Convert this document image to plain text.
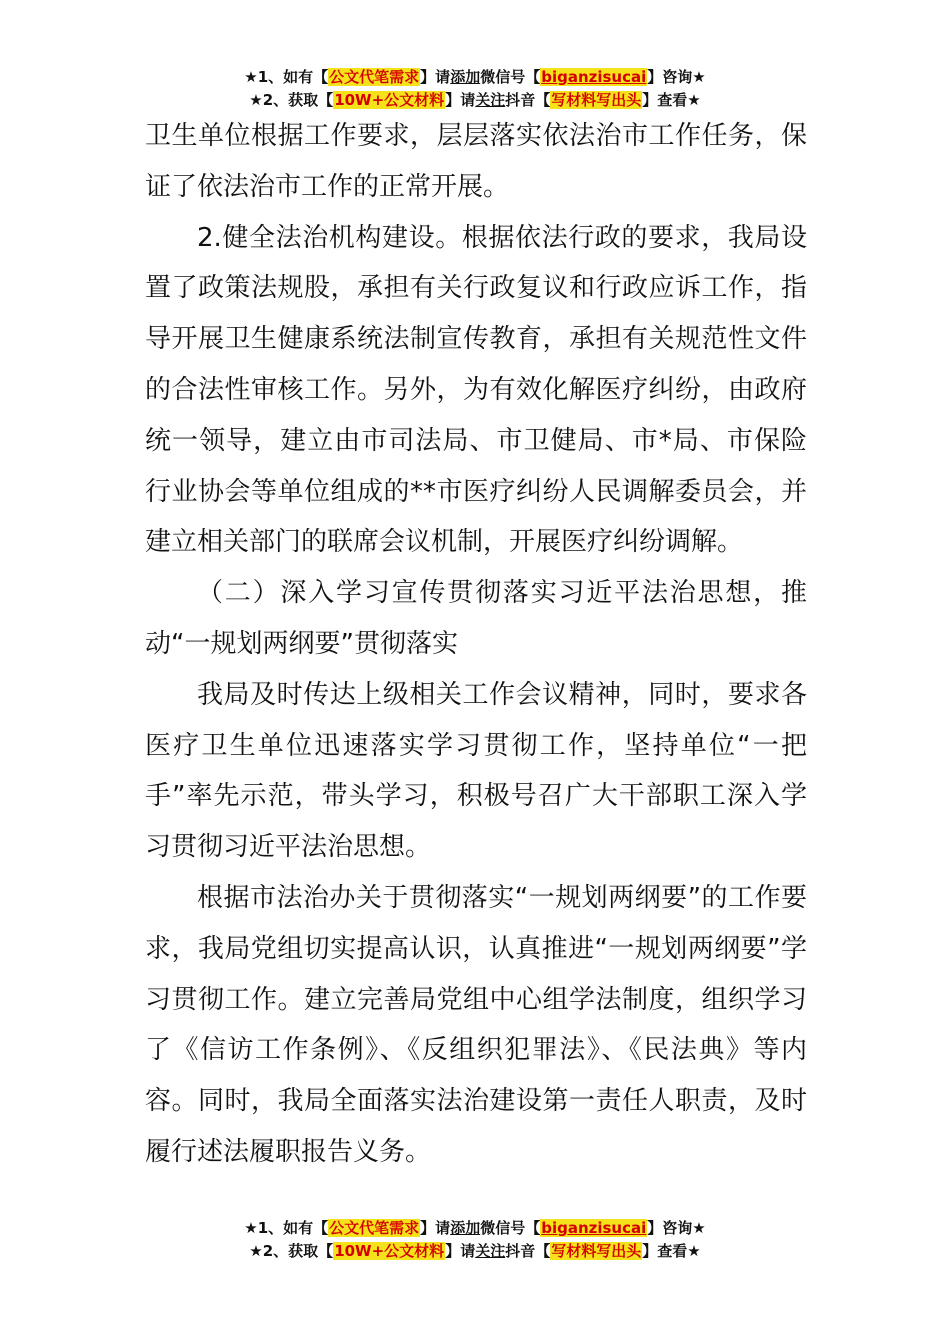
★1、如有【公文代笔需求】请添加微信号【biganzisucai】咨询★
★2、获取【10W+公文材料】请关注抖音【写材料写出头】查看★

卫生单位根据工作要求，层层落实依法治市工作任务，保证了依法治市工作的正常开展。

2.健全法治机构建设。根据依法行政的要求，我局设置了政策法规股，承担有关行政复议和行政应诉工作，指导开展卫生健康系统法制宣传教育，承担有关规范性文件的合法性审核工作。另外，为有效化解医疗纠纷，由政府统一领导，建立由市司法局、市卫健局、市*局、市保险行业协会等单位组成的**市医疗纠纷人民调解委员会，并建立相关部门的联席会议机制，开展医疗纠纷调解。

（二）深入学习宣传贯彻落实习近平法治思想，推动“一规划两纲要”贯彻落实

我局及时传达上级相关工作会议精神，同时，要求各医疗卫生单位迅速落实学习贯彻工作，坚持单位“一把手”率先示范，带头学习，积极号召广大干部职工深入学习贯彻习近平法治思想。

根据市法治办关于贯彻落实“一规划两纲要”的工作要求，我局党组切实提高认识，认真推进“一规划两纲要”学习贯彻工作。建立完善局党组中心组学法制度，组织学习了《信访工作条例》、《反组织犯罪法》、《民法典》等内容。同时，我局全面落实法治建设第一责任人职责，及时履行述法履职报告义务。

★1、如有【公文代笔需求】请添加微信号【biganzisucai】咨询★
★2、获取【10W+公文材料】请关注抖音【写材料写出头】查看★
